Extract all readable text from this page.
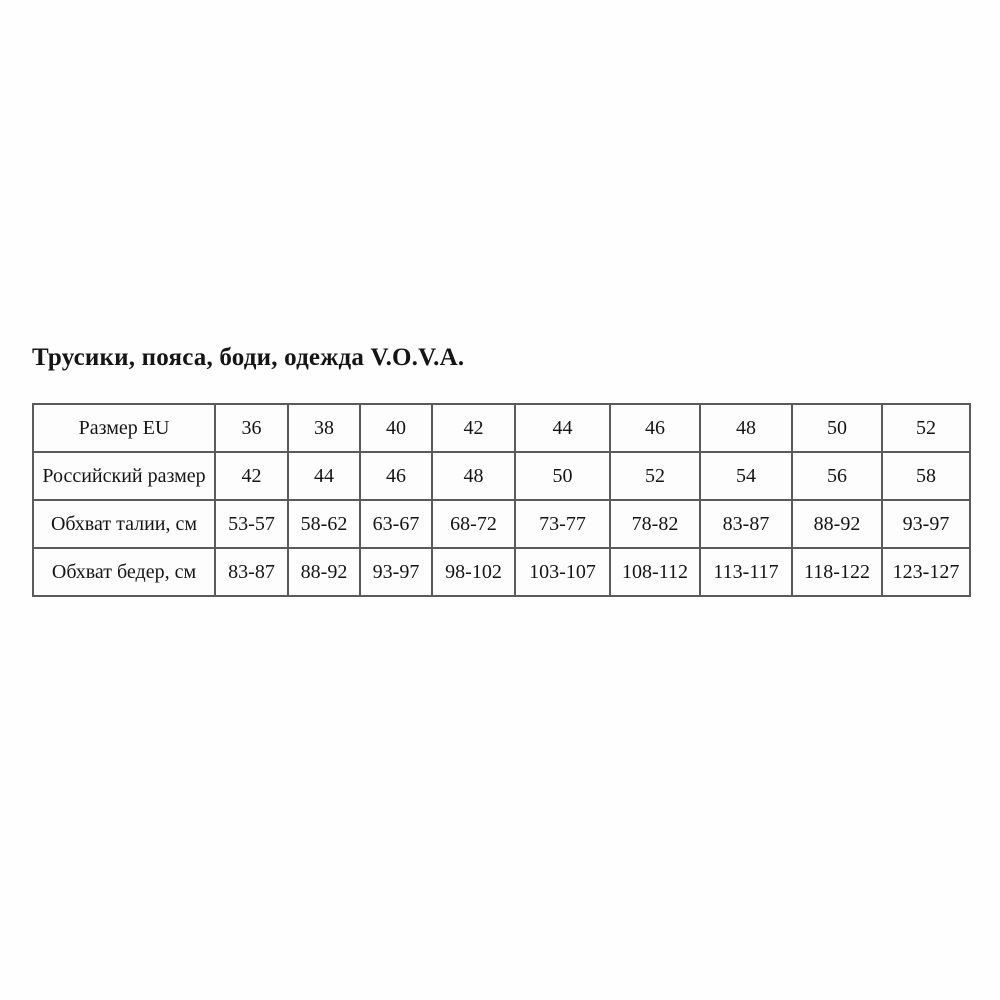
Трусики, пояса, боди, одежда V.O.V.A.
Размер EU	36	38	40	42	44	46	48	50	52
Российский размер	42	44	46	48	50	52	54	56	58
Обхват талии, см	53-57	58-62	63-67	68-72	73-77	78-82	83-87	88-92	93-97
Обхват бедер, см	83-87	88-92	93-97	98-102	103-107	108-112	113-117	118-122	123-127
